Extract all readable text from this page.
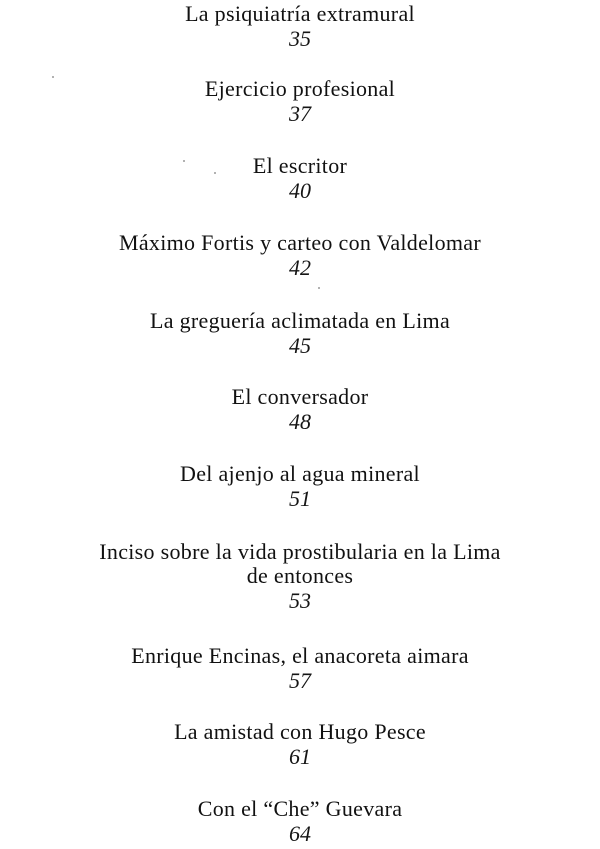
La psiquiatría extramural
35
Ejercicio profesional
37
El escritor
40
Máximo Fortis y carteo con Valdelomar
42
La greguería aclimatada en Lima
45
El conversador
48
Del ajenjo al agua mineral
51
Inciso sobre la vida prostibularia en la Lima
de entonces
53
Enrique Encinas, el anacoreta aimara
57
La amistad con Hugo Pesce
61
Con el “Che” Guevara
64
